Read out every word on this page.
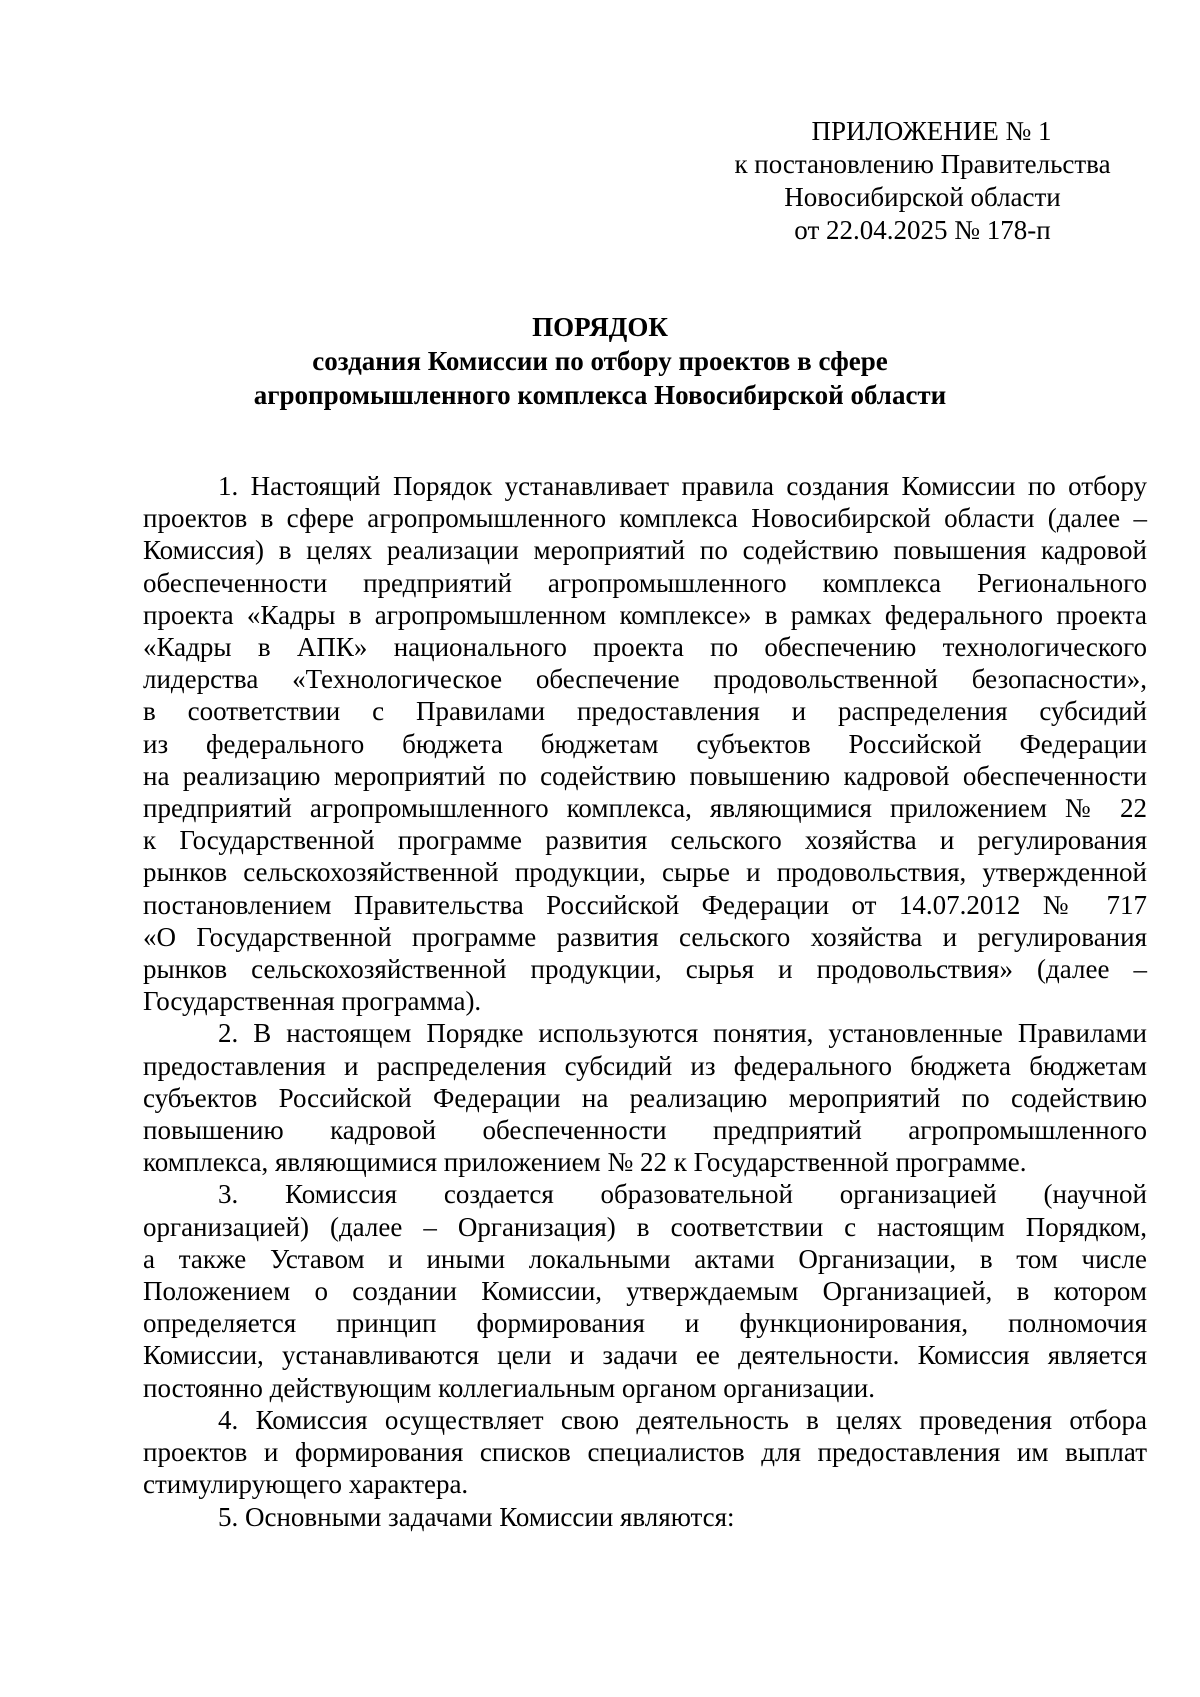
ПРИЛОЖЕНИЕ № 1
к постановлению Правительства
Новосибирской области
от 22.04.2025 № 178-п
ПОРЯДОК
создания Комиссии по отбору проектов в сфере
агропромышленного комплекса Новосибирской области
1. Настоящий Порядок устанавливает правила создания Комиссии по отбору
проектов в сфере агропромышленного комплекса Новосибирской области (далее –
Комиссия) в целях реализации мероприятий по содействию повышения кадровой
обеспеченности предприятий агропромышленного комплекса Регионального
проекта «Кадры в агропромышленном комплексе» в рамках федерального проекта
«Кадры в АПК» национального проекта по обеспечению технологического
лидерства «Технологическое обеспечение продовольственной безопасности»,
в соответствии с Правилами предоставления и распределения субсидий
из федерального бюджета бюджетам субъектов Российской Федерации
на реализацию мероприятий по содействию повышению кадровой обеспеченности
предприятий агропромышленного комплекса, являющимися приложением № 22
к Государственной программе развития сельского хозяйства и регулирования
рынков сельскохозяйственной продукции, сырье и продовольствия, утвержденной
постановлением Правительства Российской Федерации от 14.07.2012 № 717
«О Государственной программе развития сельского хозяйства и регулирования
рынков сельскохозяйственной продукции, сырья и продовольствия» (далее –
Государственная программа).
2. В настоящем Порядке используются понятия, установленные Правилами
предоставления и распределения субсидий из федерального бюджета бюджетам
субъектов Российской Федерации на реализацию мероприятий по содействию
повышению кадровой обеспеченности предприятий агропромышленного
комплекса, являющимися приложением № 22 к Государственной программе.
3. Комиссия создается образовательной организацией (научной
организацией) (далее – Организация) в соответствии с настоящим Порядком,
а также Уставом и иными локальными актами Организации, в том числе
Положением о создании Комиссии, утверждаемым Организацией, в котором
определяется принцип формирования и функционирования, полномочия
Комиссии, устанавливаются цели и задачи ее деятельности. Комиссия является
постоянно действующим коллегиальным органом организации.
4. Комиссия осуществляет свою деятельность в целях проведения отбора
проектов и формирования списков специалистов для предоставления им выплат
стимулирующего характера.
5. Основными задачами Комиссии являются:
